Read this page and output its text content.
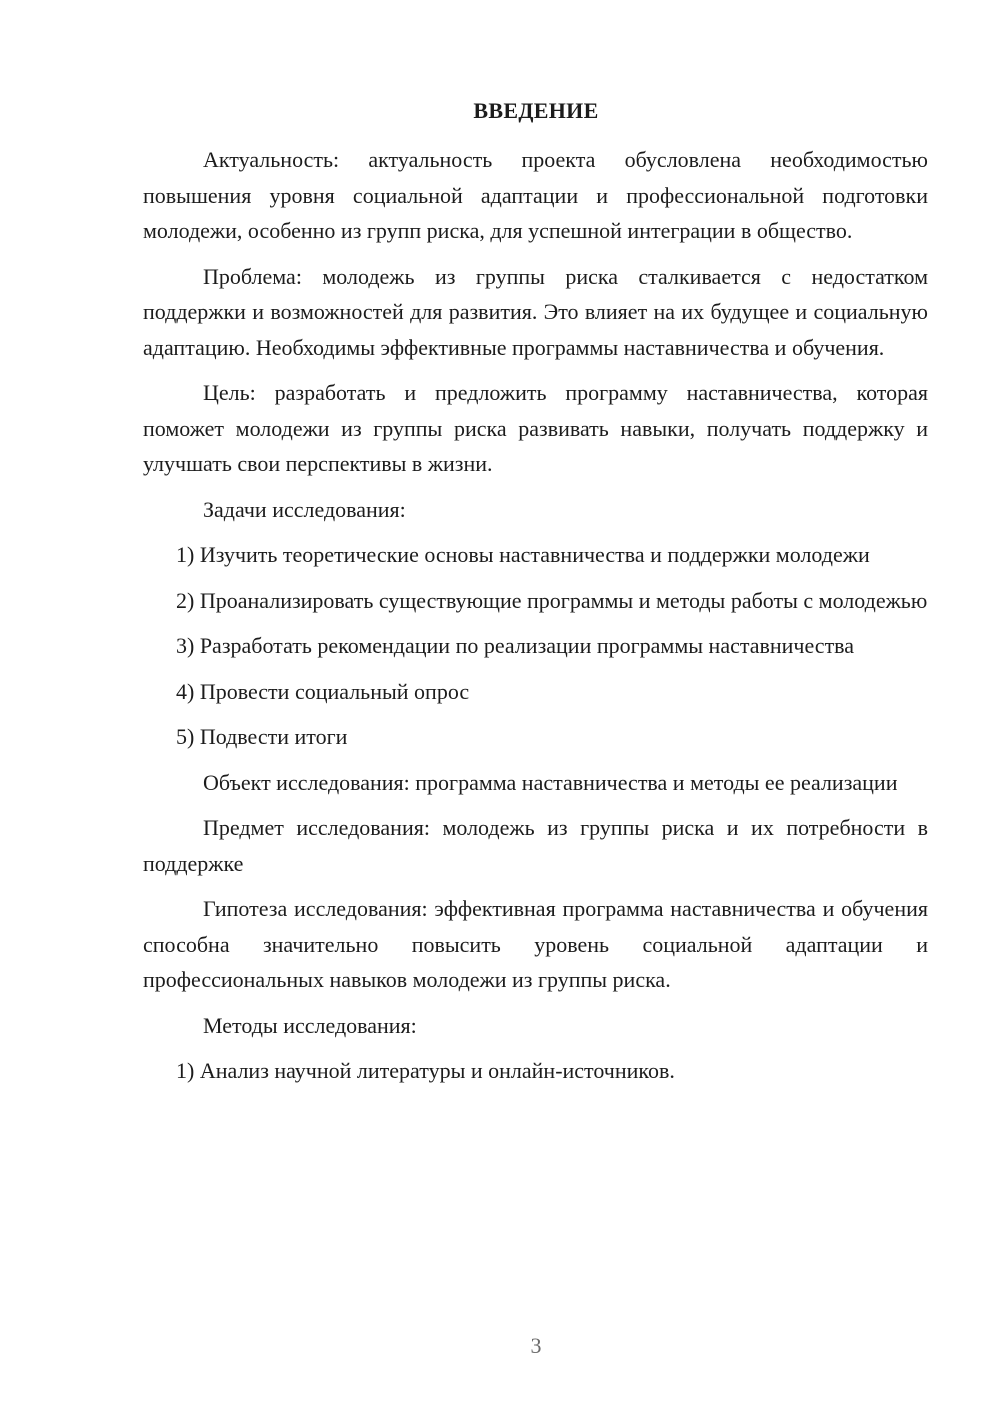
ВВЕДЕНИЕ

Актуальность: актуальность проекта обусловлена необходимостью повышения уровня социальной адаптации и профессиональной подготовки молодежи, особенно из групп риска, для успешной интеграции в общество.

Проблема: молодежь из группы риска сталкивается с недостатком поддержки и возможностей для развития. Это влияет на их будущее и социальную адаптацию. Необходимы эффективные программы наставничества и обучения.

Цель: разработать и предложить программу наставничества, которая поможет молодежи из группы риска развивать навыки, получать поддержку и улучшать свои перспективы в жизни.

Задачи исследования:

1) Изучить теоретические основы наставничества и поддержки молодежи

2) Проанализировать существующие программы и методы работы с молодежью

3) Разработать рекомендации по реализации программы наставничества

4) Провести социальный опрос

5) Подвести итоги

Объект исследования: программа наставничества и методы ее реализации

Предмет исследования: молодежь из группы риска и их потребности в поддержке

Гипотеза исследования: эффективная программа наставничества и обучения способна значительно повысить уровень социальной адаптации и профессиональных навыков молодежи из группы риска.

Методы исследования:

1) Анализ научной литературы и онлайн-источников.

3
